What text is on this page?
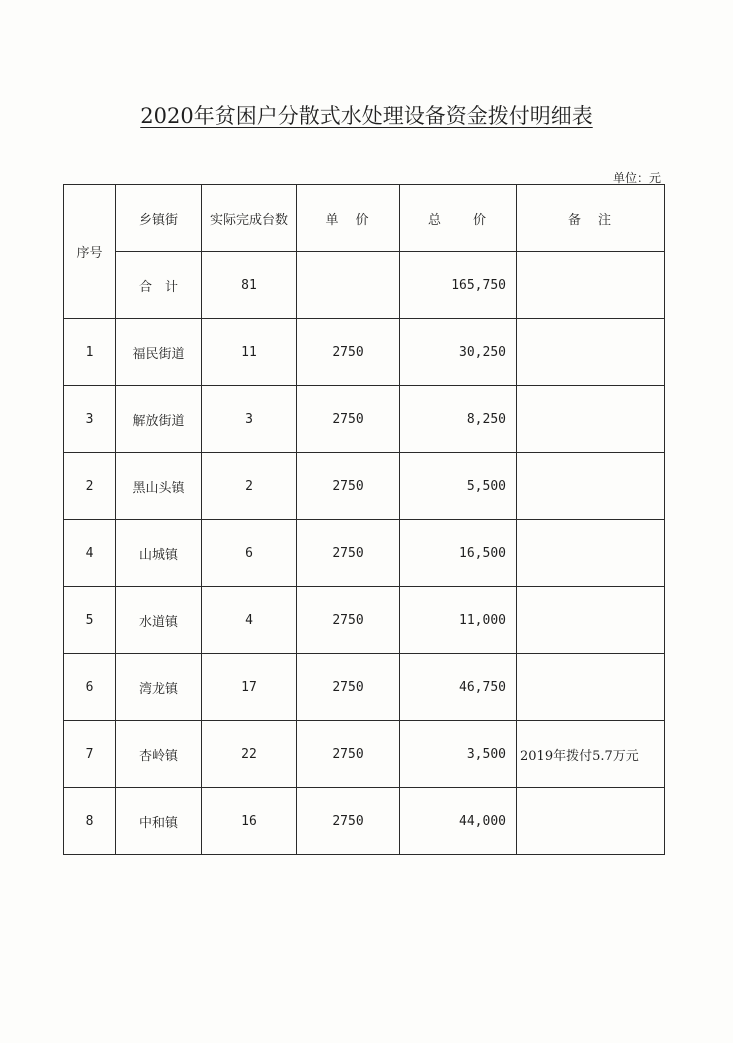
2020年贫困户分散式水处理设备资金拨付明细表
单位：元
序号	乡镇街	实际完成台数	单　价	总　　价	备　注
	合　计	81		165,750	
1	福民街道	11	2750	30,250	
3	解放街道	3	2750	8,250	
2	黑山头镇	2	2750	5,500	
4	山城镇	6	2750	16,500	
5	水道镇	4	2750	11,000	
6	湾龙镇	17	2750	46,750	
7	杏岭镇	22	2750	3,500	2019年拨付5.7万元
8	中和镇	16	2750	44,000	
